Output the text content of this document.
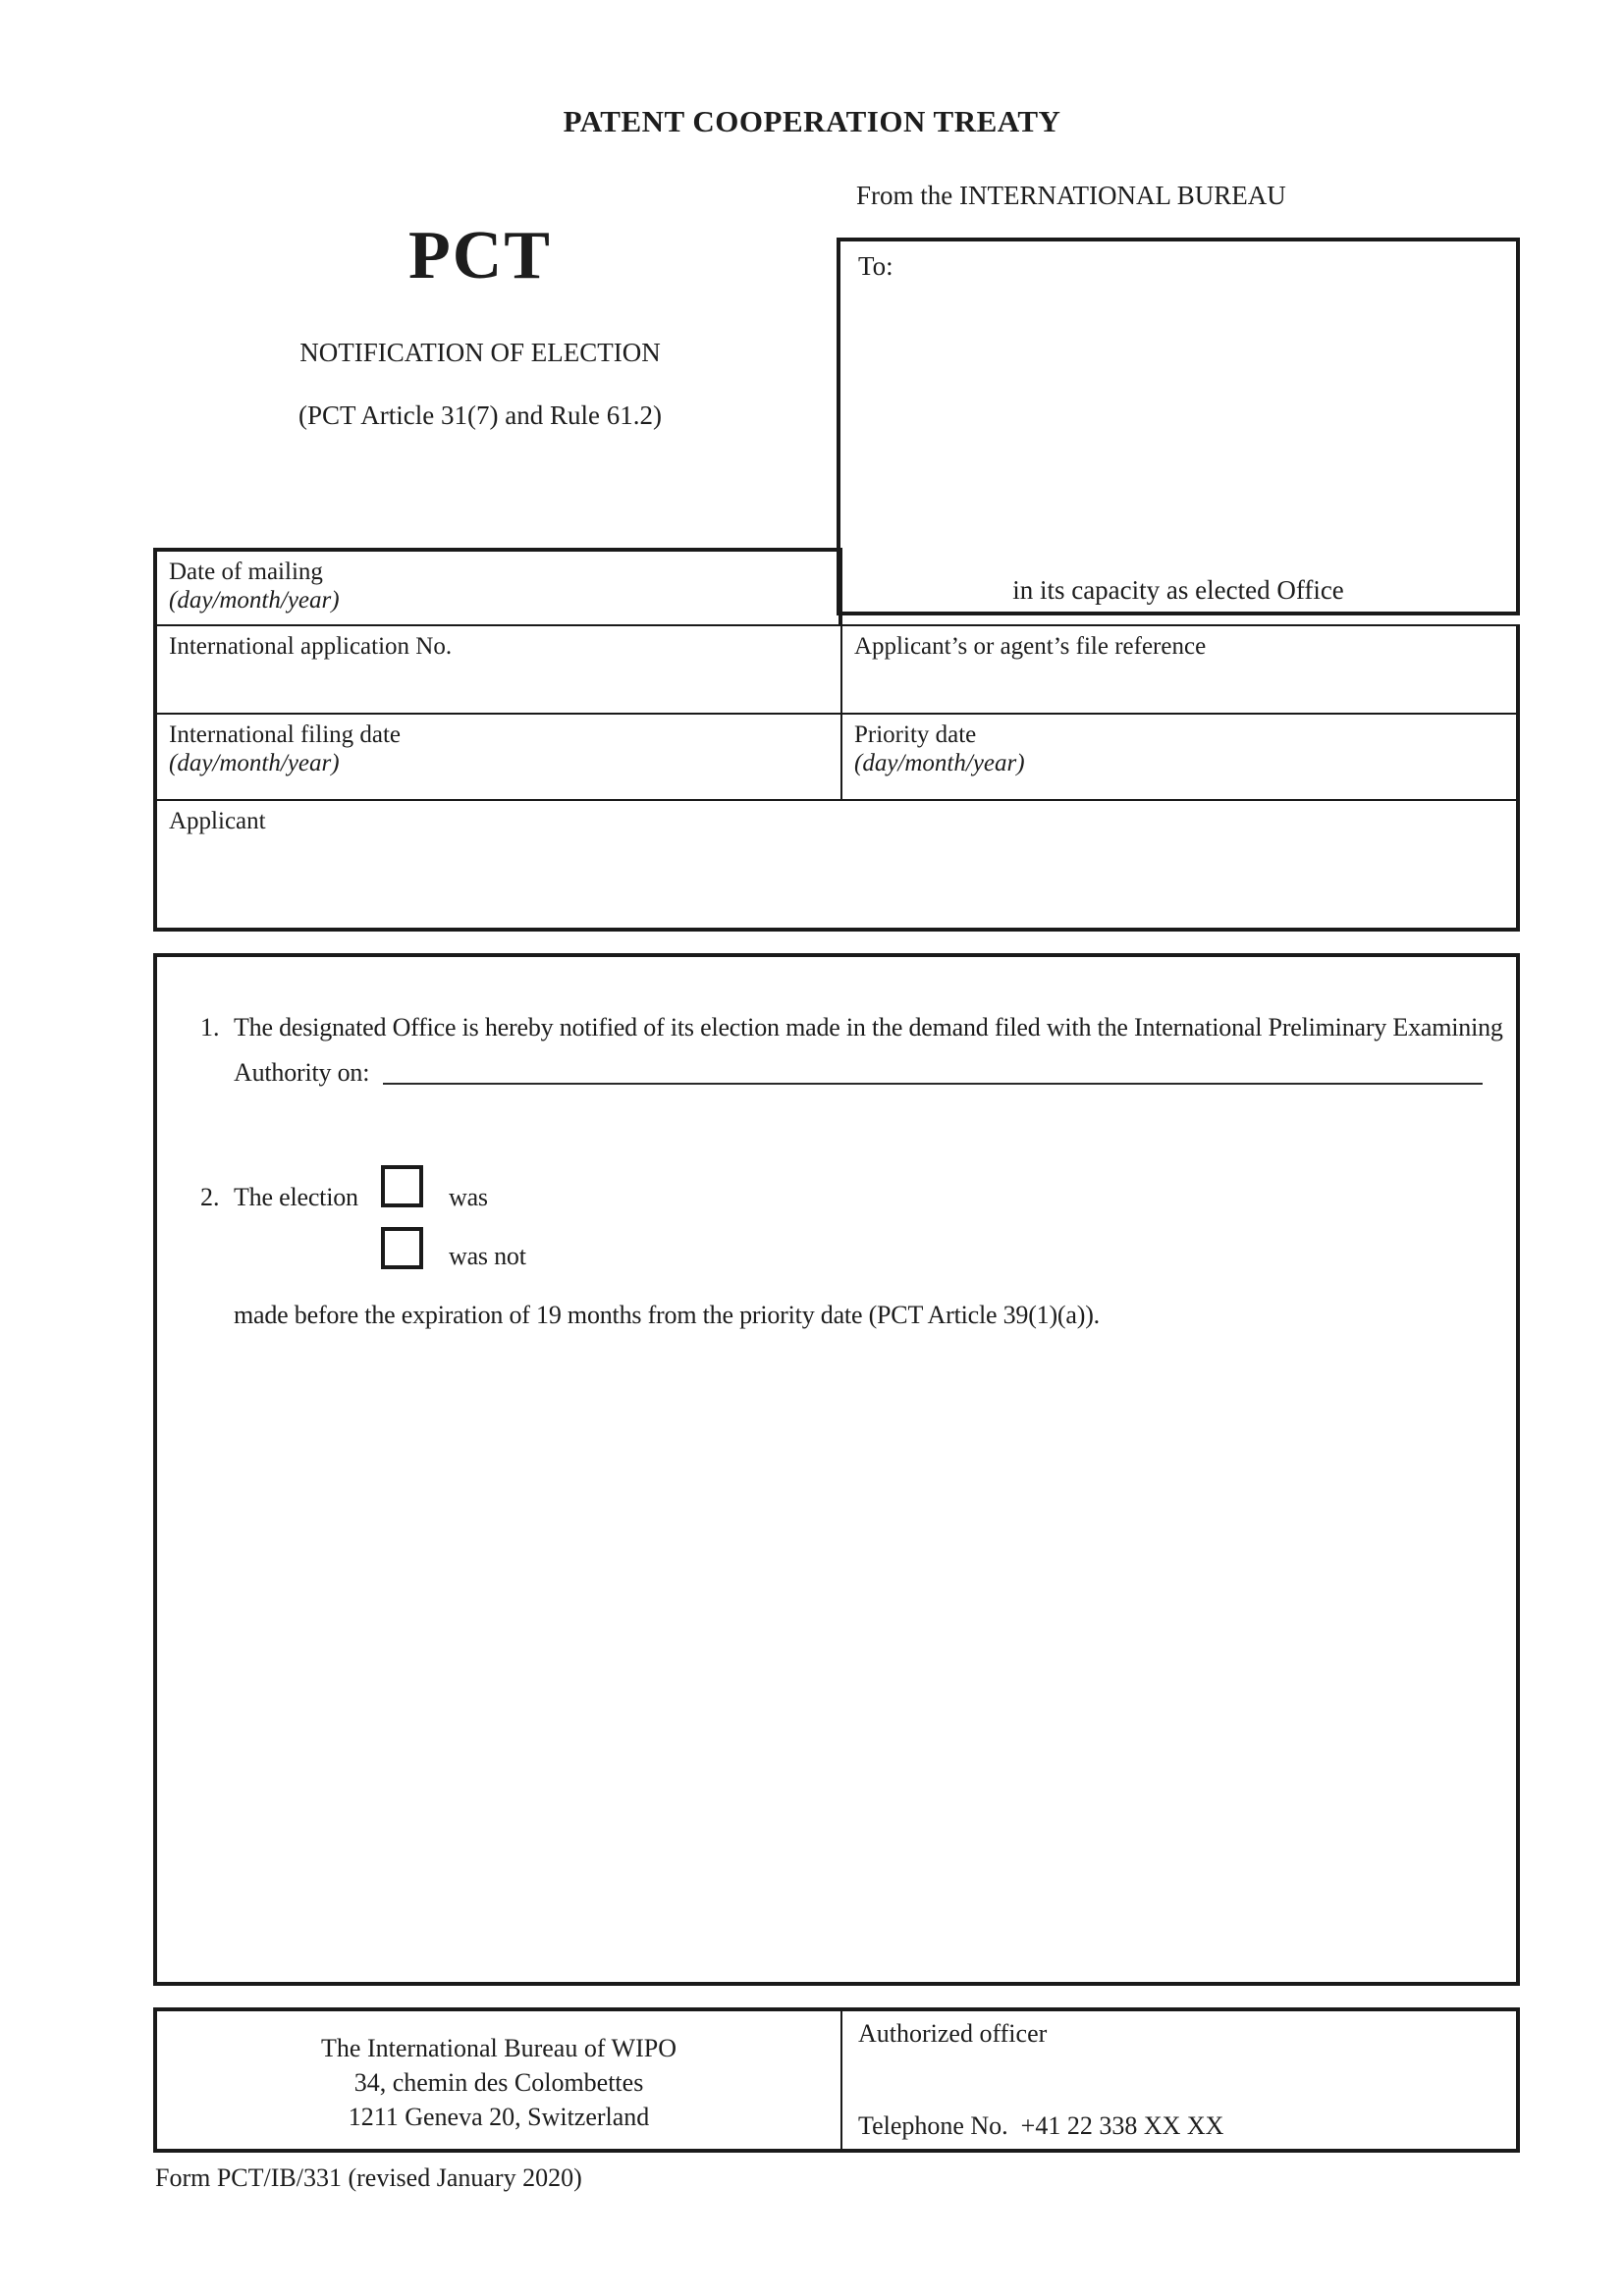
PATENT COOPERATION TREATY
From the INTERNATIONAL BUREAU
PCT
NOTIFICATION OF ELECTION
(PCT Article 31(7) and Rule 61.2)
To:
in its capacity as elected Office
Date of mailing
(day/month/year)
International application No.	Applicant’s or agent’s file reference
International filing date
(day/month/year)
Priority date
(day/month/year)
Applicant
1. The designated Office is hereby notified of its election made in the demand filed with the International Preliminary Examining
Authority on:
2. The election	was
was not
made before the expiration of 19 months from the priority date (PCT Article 39(1)(a)).
The International Bureau of WIPO
34, chemin des Colombettes
1211 Geneva 20, Switzerland
Authorized officer
Telephone No.  +41 22 338 XX XX
Form PCT/IB/331 (revised January 2020)
